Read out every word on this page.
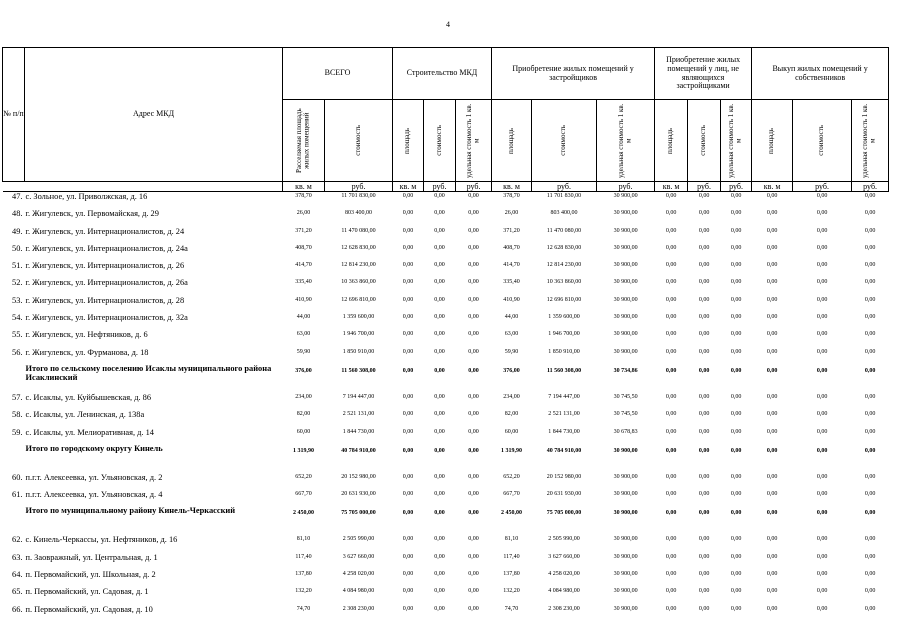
4
№ п/п	Адрес МКД	ВСЕГО		Строительство МКД			Приобретение жилых помещений у застройщиков			Приобретение жилых помещений у лиц, не являющихся застройщиками			Выкуп жилых помещений у собственников		

		Расселяемая площадь жилых помещений	стоимость	площадь	стоимость	удельная стоимость 1 кв. м	площадь	стоимость	удельная стоимость 1 кв. м	площадь	стоимость	удельная стоимость 1 кв. м	площадь	стоимость	удельная стоимость 1 кв. м

		кв. м	руб.	кв. м	руб.	руб.	кв. м	руб.	руб.	кв. м	руб.	руб.	кв. м	руб.	руб.
47.	с. Зольное, ул. Приволжская, д. 16	378,70	11 701 830,00	0,00	0,00	0,00	378,70	11 701 830,00	30 900,00	0,00	0,00	0,00	0,00	0,00	0,00
48.	г. Жигулевск, ул. Первомайская, д. 29	26,00	803 400,00	0,00	0,00	0,00	26,00	803 400,00	30 900,00	0,00	0,00	0,00	0,00	0,00	0,00
49.	г. Жигулевск, ул. Интернационалистов, д. 24	371,20	11 470 080,00	0,00	0,00	0,00	371,20	11 470 080,00	30 900,00	0,00	0,00	0,00	0,00	0,00	0,00
50.	г. Жигулевск, ул. Интернационалистов, д. 24а	408,70	12 628 830,00	0,00	0,00	0,00	408,70	12 628 830,00	30 900,00	0,00	0,00	0,00	0,00	0,00	0,00
51.	г. Жигулевск, ул. Интернационалистов, д. 26	414,70	12 814 230,00	0,00	0,00	0,00	414,70	12 814 230,00	30 900,00	0,00	0,00	0,00	0,00	0,00	0,00
52.	г. Жигулевск, ул. Интернационалистов, д. 26а	335,40	10 363 860,00	0,00	0,00	0,00	335,40	10 363 860,00	30 900,00	0,00	0,00	0,00	0,00	0,00	0,00
53.	г. Жигулевск, ул. Интернационалистов, д. 28	410,90	12 696 810,00	0,00	0,00	0,00	410,90	12 696 810,00	30 900,00	0,00	0,00	0,00	0,00	0,00	0,00
54.	г. Жигулевск, ул. Интернационалистов, д. 32а	44,00	1 359 600,00	0,00	0,00	0,00	44,00	1 359 600,00	30 900,00	0,00	0,00	0,00	0,00	0,00	0,00
55.	г. Жигулевск, ул. Нефтяников, д. 6	63,00	1 946 700,00	0,00	0,00	0,00	63,00	1 946 700,00	30 900,00	0,00	0,00	0,00	0,00	0,00	0,00
56.	г. Жигулевск, ул. Фурманова, д. 18	59,90	1 850 910,00	0,00	0,00	0,00	59,90	1 850 910,00	30 900,00	0,00	0,00	0,00	0,00	0,00	0,00
	Итого по сельскому поселению Исаклы муниципального района Исаклинский	376,00	11 560 308,00	0,00	0,00	0,00	376,00	11 560 308,00	30 734,86	0,00	0,00	0,00	0,00	0,00	0,00
57.	с. Исаклы, ул. Куйбышевская, д. 86	234,00	7 194 447,00	0,00	0,00	0,00	234,00	7 194 447,00	30 745,50	0,00	0,00	0,00	0,00	0,00	0,00
58.	с. Исаклы, ул. Ленинская, д. 138а	82,00	2 521 131,00	0,00	0,00	0,00	82,00	2 521 131,00	30 745,50	0,00	0,00	0,00	0,00	0,00	0,00
59.	с. Исаклы, ул. Мелиоративная, д. 14	60,00	1 844 730,00	0,00	0,00	0,00	60,00	1 844 730,00	30 678,83	0,00	0,00	0,00	0,00	0,00	0,00
	Итого по городскому округу Кинель	1 319,90	40 784 910,00	0,00	0,00	0,00	1 319,90	40 784 910,00	30 900,00	0,00	0,00	0,00	0,00	0,00	0,00
60.	п.г.т. Алексеевка, ул. Ульяновская, д. 2	652,20	20 152 980,00	0,00	0,00	0,00	652,20	20 152 980,00	30 900,00	0,00	0,00	0,00	0,00	0,00	0,00
61.	п.г.т. Алексеевка, ул. Ульяновская, д. 4	667,70	20 631 930,00	0,00	0,00	0,00	667,70	20 631 930,00	30 900,00	0,00	0,00	0,00	0,00	0,00	0,00
	Итого по муниципальному району Кинель-Черкасский	2 450,00	75 705 000,00	0,00	0,00	0,00	2 450,00	75 705 000,00	30 900,00	0,00	0,00	0,00	0,00	0,00	0,00
62.	с. Кинель-Черкассы, ул. Нефтяников, д. 16	81,10	2 505 990,00	0,00	0,00	0,00	81,10	2 505 990,00	30 900,00	0,00	0,00	0,00	0,00	0,00	0,00
63.	п. Заовражный, ул. Центральная, д. 1	117,40	3 627 660,00	0,00	0,00	0,00	117,40	3 627 660,00	30 900,00	0,00	0,00	0,00	0,00	0,00	0,00
64.	п. Первомайский, ул. Школьная, д. 2	137,80	4 258 020,00	0,00	0,00	0,00	137,80	4 258 020,00	30 900,00	0,00	0,00	0,00	0,00	0,00	0,00
65.	п. Первомайский, ул. Садовая, д. 1	132,20	4 084 980,00	0,00	0,00	0,00	132,20	4 084 980,00	30 900,00	0,00	0,00	0,00	0,00	0,00	0,00
66.	п. Первомайский, ул. Садовая, д. 10	74,70	2 308 230,00	0,00	0,00	0,00	74,70	2 308 230,00	30 900,00	0,00	0,00	0,00	0,00	0,00	0,00
